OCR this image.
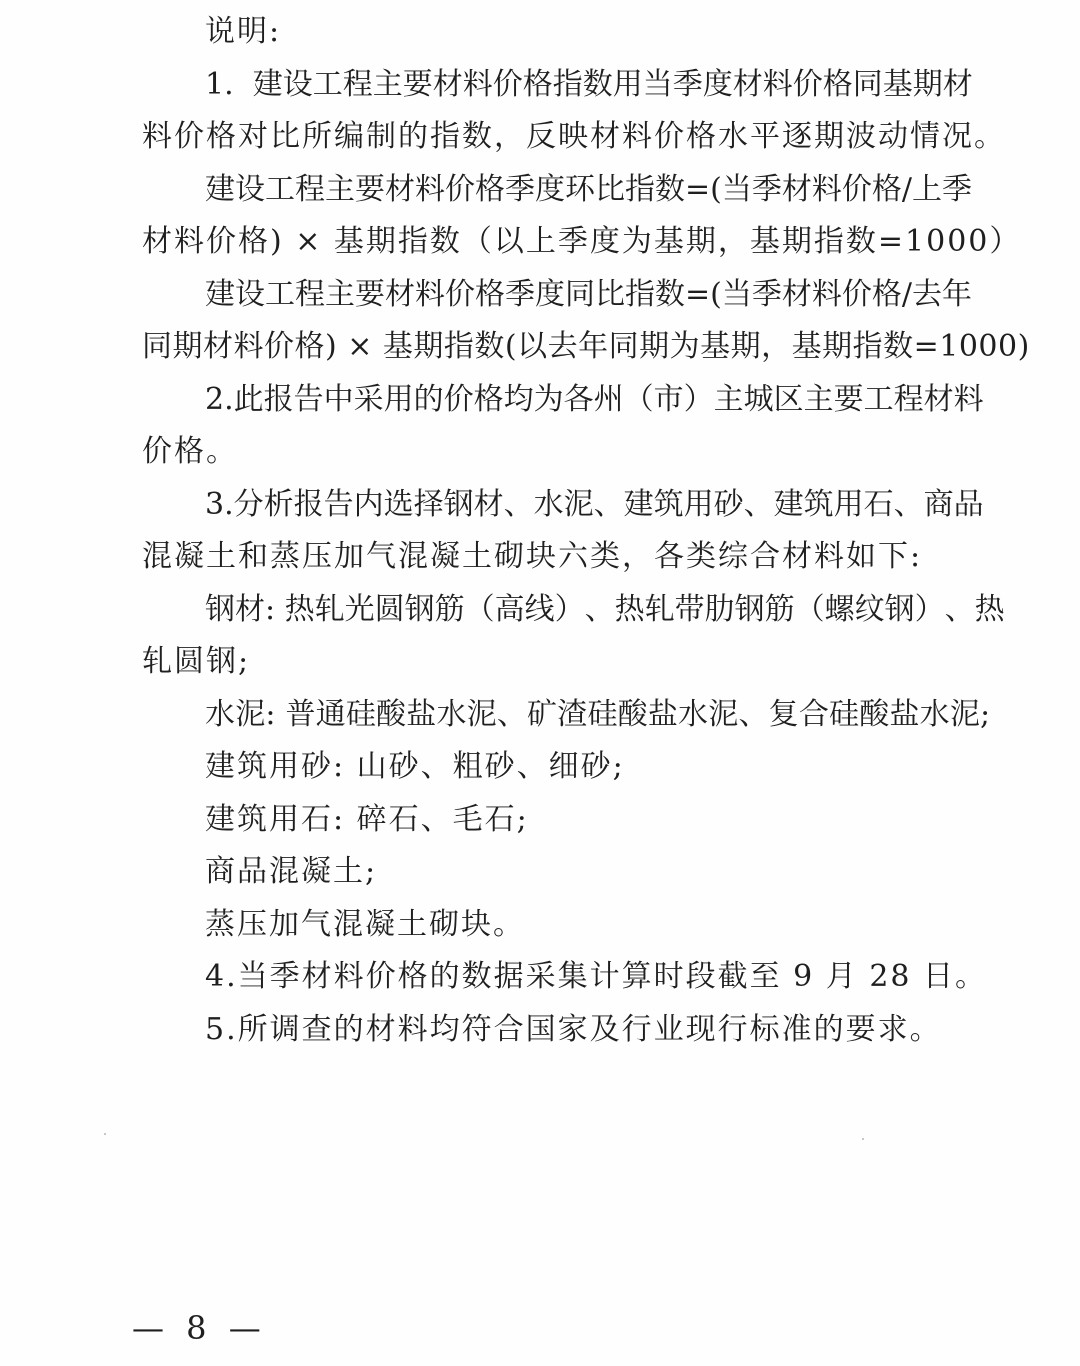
说明:
1 .

建 设 工 程 主 要 材 料 价 格 指 数 用 当 季 度 材 料 价 格 同 基 期 材
料价格对比所编制的指数，反映材料价格水平逐期波动情况。
建 设 工 程 主 要 材 料 价 格 季 度 环 比 指 数 = ( 当 季 材 料 价 格 / 上 季
材料价格) × 基期指数（以上季度为基期，基期指数=1000）
建 设 工 程 主 要 材 料 价 格 季 度 同 比 指 数 = ( 当 季 材 料 价 格 / 去 年
同期材料价格) × 基期指数(以去年同期为基期，基期指数=1000)
2 . 此 报 告 中 采 用 的 价 格 均 为 各 州 （ 市 ） 主 城 区 主 要 工 程 材 料
价格。
3 . 分 析 报 告 内 选 择 钢 材 、 水 泥 、 建 筑 用 砂 、 建 筑 用 石 、 商 品
混凝土和蒸压加气混凝土砌块六类，各类综合材料如下:
钢 材 :
热 轧 光 圆 钢 筋 （ 高 线 ） 、 热 轧 带 肋 钢 筋 （ 螺 纹 钢 ） 、 热
轧圆钢;
水泥: 普通硅酸盐水泥、矿渣硅酸盐水泥、复合硅酸盐水泥;
建筑用砂: 山砂、粗砂、细砂;
建筑用石: 碎石、毛石;
商品混凝土;
蒸压加气混凝土砌块。
4.当季材料价格的数据采集计算时段截至 9 月 28 日。
5.所调查的材料均符合国家及行业现行标准的要求。
— 8 —
